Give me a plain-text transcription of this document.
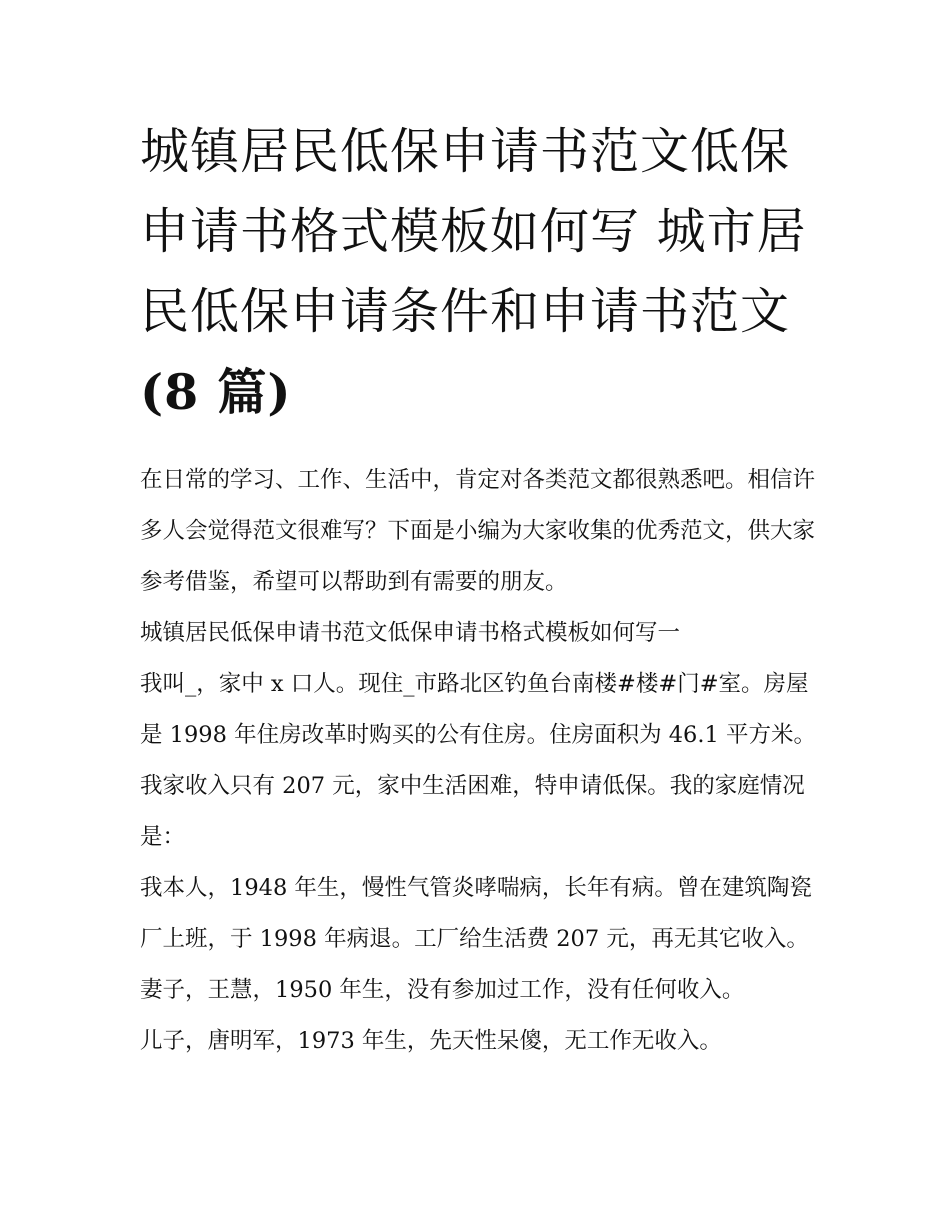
城镇居民低保申请书范文低保申请书格式模板如何写 城市居民低保申请条件和申请书范文
(8 篇)

在日常的学习、工作、生活中，肯定对各类范文都很熟悉吧。相信许多人会觉得范文很难写？下面是小编为大家收集的优秀范文，供大家参考借鉴，希望可以帮助到有需要的朋友。

城镇居民低保申请书范文低保申请书格式模板如何写一

我叫_，家中 x 口人。现住_市路北区钓鱼台南楼#楼#门#室。房屋是 1998 年住房改革时购买的公有住房。住房面积为 46.1 平方米。我家收入只有 207 元，家中生活困难，特申请低保。我的家庭情况是：

我本人，1948 年生，慢性气管炎哮喘病，长年有病。曾在建筑陶瓷厂上班，于 1998 年病退。工厂给生活费 207 元，再无其它收入。

妻子，王慧，1950 年生，没有参加过工作，没有任何收入。

儿子，唐明军，1973 年生，先天性呆傻，无工作无收入。
